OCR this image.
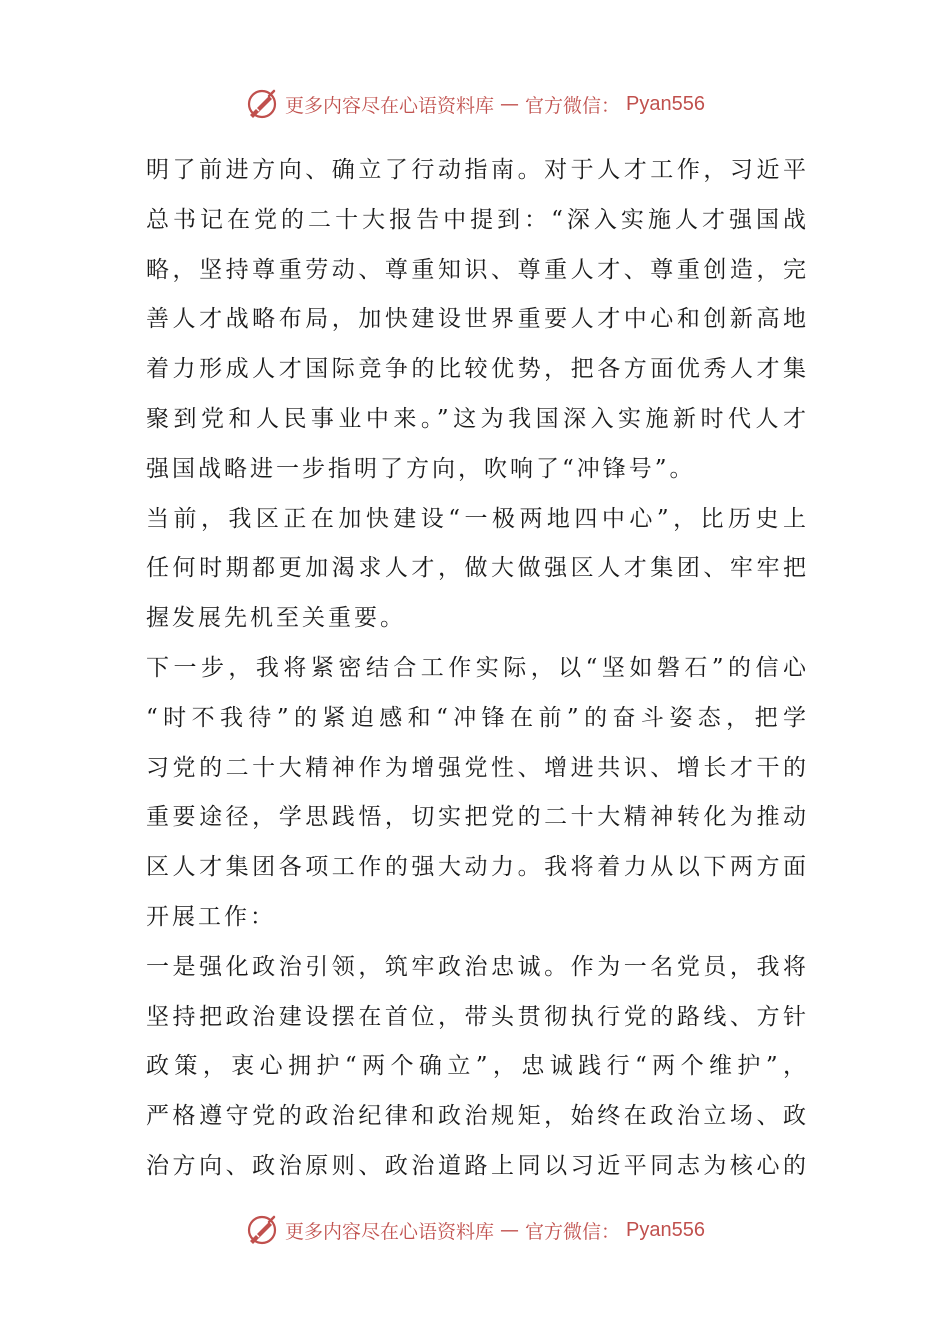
更多内容尽在心语资料库 — 官方微信： Pyan556
明了前进方向、确立了行动指南。对于人才工作，习近平
总书记在党的二十大报告中提到：“深入实施人才强国战
略，坚持尊重劳动、尊重知识、尊重人才、尊重创造，完
善人才战略布局，加快建设世界重要人才中心和创新高地
着力形成人才国际竞争的比较优势，把各方面优秀人才集
聚到党和人民事业中来。”这为我国深入实施新时代人才
强国战略进一步指明了方向，吹响了“冲锋号”。
当前，我区正在加快建设“一极两地四中心”，比历史上
任何时期都更加渴求人才，做大做强区人才集团、牢牢把
握发展先机至关重要。
下一步，我将紧密结合工作实际，以“坚如磐石”的信心
“时不我待”的紧迫感和“冲锋在前”的奋斗姿态，把学
习党的二十大精神作为增强党性、增进共识、增长才干的
重要途径，学思践悟，切实把党的二十大精神转化为推动
区人才集团各项工作的强大动力。我将着力从以下两方面
开展工作：
一是强化政治引领，筑牢政治忠诚。作为一名党员，我将
坚持把政治建设摆在首位，带头贯彻执行党的路线、方针
政策，衷心拥护“两个确立”，忠诚践行“两个维护”，
严格遵守党的政治纪律和政治规矩，始终在政治立场、政
治方向、政治原则、政治道路上同以习近平同志为核心的
更多内容尽在心语资料库 — 官方微信： Pyan556
